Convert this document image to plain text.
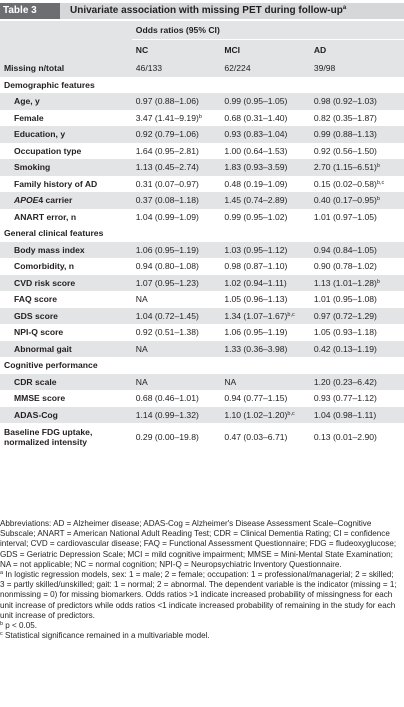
Table 3	Univariate association with missing PET during follow-$up^a$
	Odds ratios (95% CI)		
	NC	MCI	AD
Missing n/total	46/133	62/224	39/98
Demographic features			
Age, y	0.97 (0.88–1.06)	0.99 (0.95–1.05)	0.98 (0.92–1.03)
Female	3.47 $(1.41-9.19)^b$	0.68 (0.31–1.40)	0.82 (0.35–1.87)
Education, y	0.92 (0.79–1.06)	0.93 (0.83–1.04)	0.99 (0.88–1.13)
Occupation type	1.64 (0.95–2.81)	1.00 (0.64–1.53)	0.92 (0.56–1.50)
Smoking	1.13 (0.45–2.74)	1.83 (0.93–3.59)	2.70 $(1.15-6.51)^b$
Family history of AD	0.31 (0.07–0.97)	0.48 (0.19–1.09)	0.15 $(0.02-0.58)^{b,c}$
APOE4 carrier	0.37 (0.08–1.18)	1.45 (0.74–2.89)	0.40 $(0.17-0.95)^b$
ANART error, n	1.04 (0.99–1.09)	0.99 (0.95–1.02)	1.01 (0.97–1.05)
General clinical features			
Body mass index	1.06 (0.95–1.19)	1.03 (0.95–1.12)	0.94 (0.84–1.05)
Comorbidity, n	0.94 (0.80–1.08)	0.98 (0.87–1.10)	0.90 (0.78–1.02)
CVD risk score	1.07 (0.95–1.23)	1.02 (0.94–1.11)	1.13 $(1.01-1.28)^b$
FAQ score	NA	1.05 (0.96–1.13)	1.01 (0.95–1.08)
GDS score	1.04 (0.72–1.45)	1.34 $(1.07-1.67)^{b,c}$	0.97 (0.72–1.29)
NPI-Q score	0.92 (0.51–1.38)	1.06 (0.95–1.19)	1.05 (0.93–1.18)
Abnormal gait	NA	1.33 (0.36–3.98)	0.42 (0.13–1.19)
Cognitive performance			
CDR scale	NA	NA	1.20 (0.23–6.42)
MMSE score	0.68 (0.46–1.01)	0.94 (0.77–1.15)	0.93 (0.77–1.12)
ADAS-Cog	1.14 (0.99–1.32)	1.10 $(1.02-1.20)^{b,c}$	1.04 (0.98–1.11)
Baseline FDG uptake,
normalized intensity	0.29 (0.00–19.8)	0.47 (0.03–6.71)	0.13 (0.01–2.90)

Abbreviations: AD = Alzheimer disease; ADAS-Cog = Alzheimer's Disease Assessment Scale–Cognitive Subscale; ANART = American National Adult Reading Test; CDR = Clinical Dementia Rating; CI = confidence interval; CVD = cardiovascular disease; FAQ = Functional Assessment Questionnaire; FDG = fludeoxyglucose; GDS = Geriatric Depression Scale; MCI = mild cognitive impairment; MMSE = Mini-Mental State Examination; NA = not applicable; NC = normal cognition; NPI-Q = Neuropsychiatric Inventory Questionnaire.

$^a$ In logistic regression models, sex: 1 = male; 2 = female; occupation: 1 = professional/managerial; 2 = skilled; 3 = partly skilled/unskilled; gait: 1 = normal; 2 = abnormal. The dependent variable is the indicator (missing = 1; nonmissing = 0) for missing biomarkers. Odds ratios >1 indicate increased probability of missingness for each unit increase of predictors while odds ratios <1 indicate increased probability of remaining in the study for each unit increase of predictors.

$^b$ p < 0.05.

$^c$ Statistical significance remained in a multivariable model.
